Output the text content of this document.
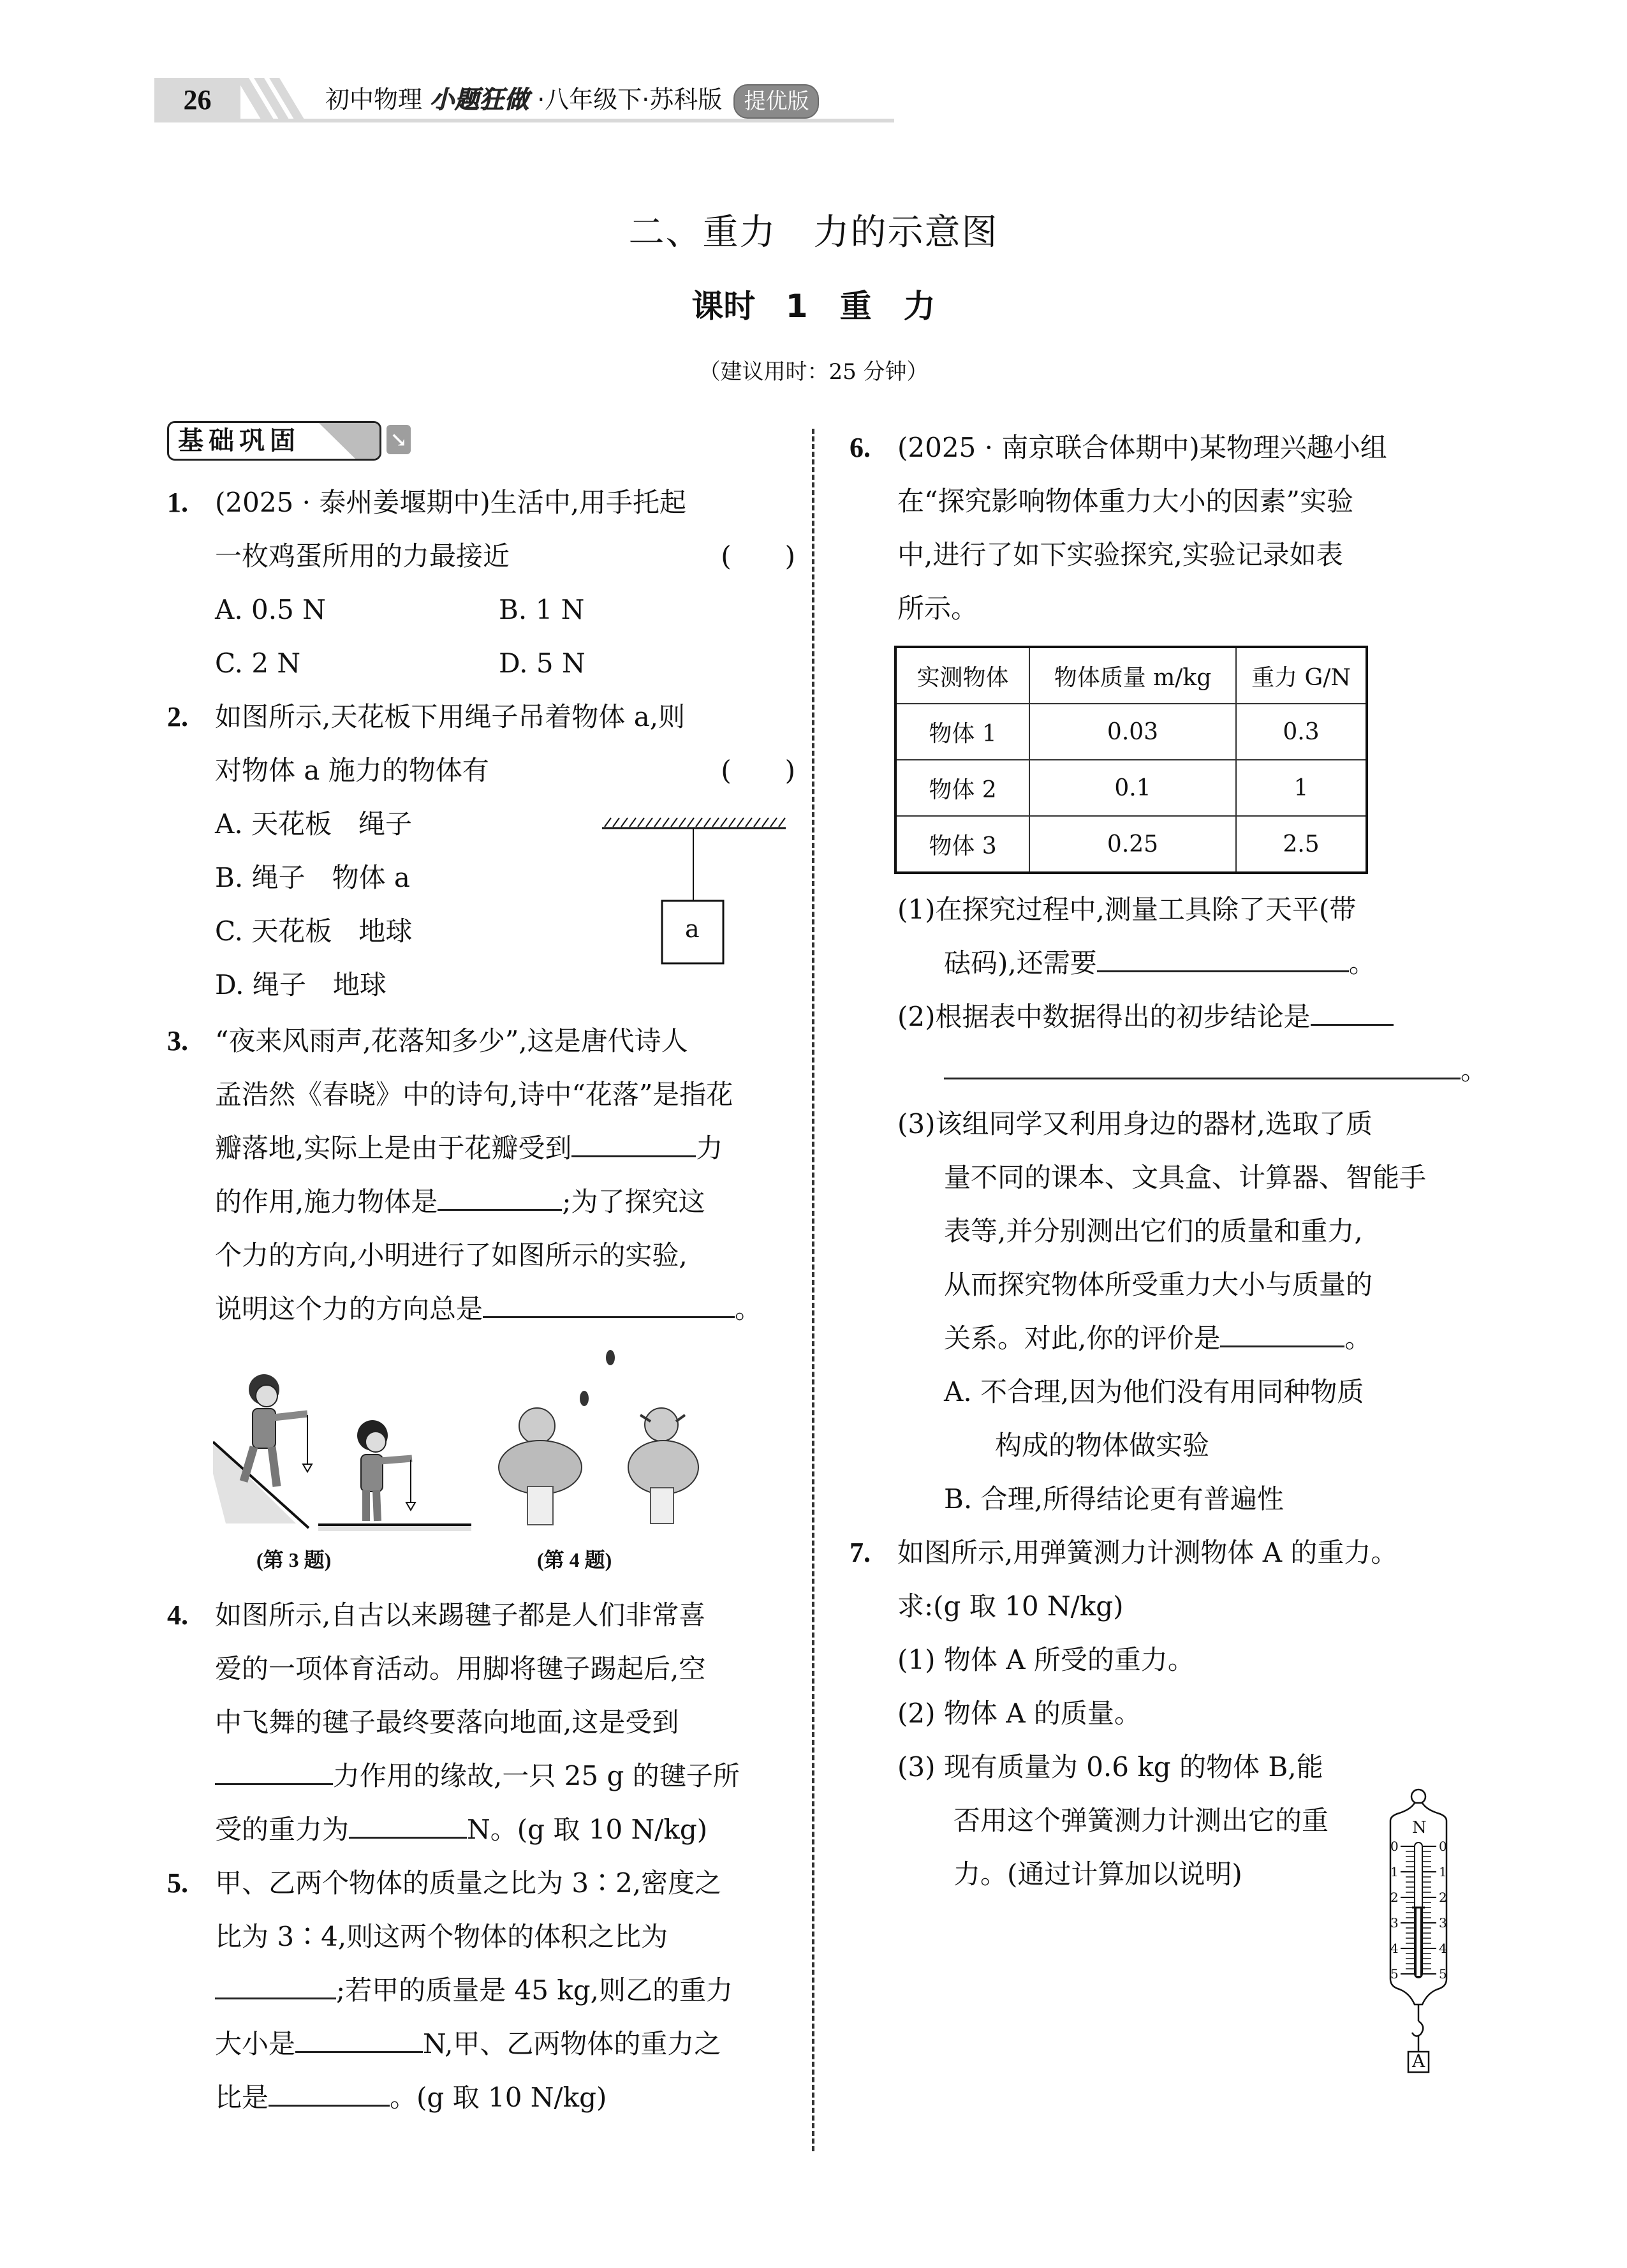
26	初中物理 小题狂做 ·八年级下·苏科版 提优版
二、重力　力的示意图
课时 1　重　力
（建议用时：25 分钟）
基础巩固	↘
1. (2025 · 泰州姜堰期中)生活中,用手托起
一枚鸡蛋所用的力最接近	(　　)
A. 0.5 N	B. 1 N
C. 2 N	D. 5 N
2. 如图所示,天花板下用绳子吊着物体 a,则
对物体 a 施力的物体有	(　　)
A. 天花板　绳子
B. 绳子　物体 a
C. 天花板　地球
D. 绳子　地球
a
3. “夜来风雨声,花落知多少”,这是唐代诗人
孟浩然《春晓》中的诗句,诗中“花落”是指花
瓣落地,实际上是由于花瓣受到	力
的作用,施力物体是	;为了探究这
个力的方向,小明进行了如图所示的实验,
说明这个力的方向总是	。
(第 3 题)	(第 4 题)
4. 如图所示,自古以来踢毽子都是人们非常喜
爱的一项体育活动。用脚将毽子踢起后,空
中飞舞的毽子最终要落向地面,这是受到
力作用的缘故,一只 25 g 的毽子所
受的重力为	N。(g 取 10 N/kg)
5. 甲、乙两个物体的质量之比为 3∶2,密度之
比为 3∶4,则这两个物体的体积之比为
;若甲的质量是 45 kg,则乙的重力
大小是	N,甲、乙两物体的重力之
比是	。(g 取 10 N/kg)
6. (2025 · 南京联合体期中)某物理兴趣小组
在“探究影响物体重力大小的因素”实验
中,进行了如下实验探究,实验记录如表
所示。
实测物体	物体质量 m/kg	重力 G/N
物体 1	0.03	0.3
物体 2	0.1	1
物体 3	0.25	2.5
(1)在探究过程中,测量工具除了天平(带
砝码),还需要	。
(2)根据表中数据得出的初步结论是
。
(3)该组同学又利用身边的器材,选取了质
量不同的课本、文具盒、计算器、智能手
表等,并分别测出它们的质量和重力,
从而探究物体所受重力大小与质量的
关系。对此,你的评价是	。
A. 不合理,因为他们没有用同种物质
构成的物体做实验
B. 合理,所得结论更有普遍性
7. 如图所示,用弹簧测力计测物体 A 的重力。
求:(g 取 10 N/kg)
(1) 物体 A 所受的重力。
(2) 物体 A 的质量。
(3) 现有质量为 0.6 kg 的物体 B,能
否用这个弹簧测力计测出它的重
力。(通过计算加以说明)
N
A
0	0
1	1
2	2
3	3
4	4
5	5
